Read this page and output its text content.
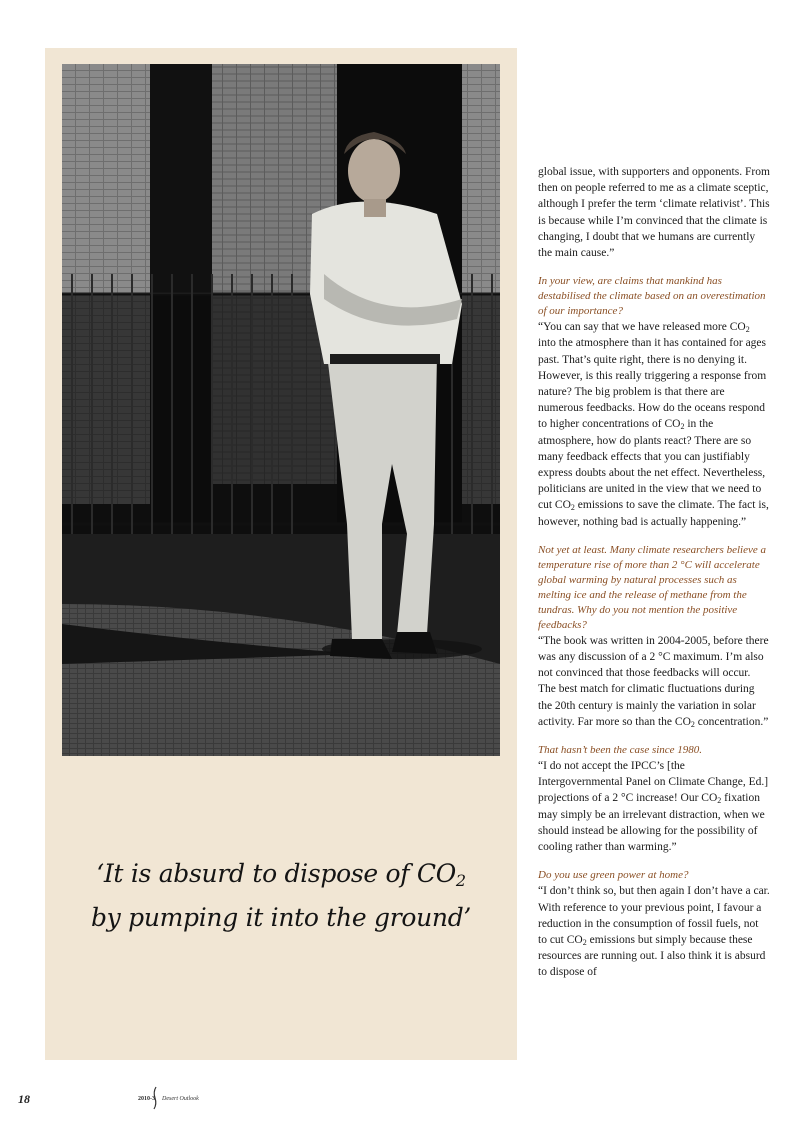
‘It is absurd to dispose of $CO_2$
by pumping it into the ground’

global issue, with supporters and opponents. From then on people referred to me as a climate sceptic, although I prefer the term ‘climate relativist’. This is because while I’m convinced that the climate is changing, I doubt that we humans are currently the main cause.”

In your view, are claims that mankind has destabilised the climate based on an overestimation of our importance?

“You can say that we have released more $CO_2$ into the atmosphere than it has contained for ages past. That’s quite right, there is no denying it. However, is this really triggering a response from nature? The big problem is that there are numerous feedbacks. How do the oceans respond to higher concentrations of $CO_2$ in the atmosphere, how do plants react? There are so many feedback effects that you can justifiably express doubts about the net effect. Nevertheless, politicians are united in the view that we need to cut $CO_2$ emissions to save the climate. The fact is, however, nothing bad is actually happening.”

Not yet at least. Many climate researchers believe a temperature rise of more than 2 °C will accelerate global warming by natural processes such as melting ice and the release of methane from the tundras. Why do you not mention the positive feedbacks?

“The book was written in 2004-2005, before there was any discussion of a 2 °C maximum. I’m also not convinced that those feedbacks will occur. The best match for climatic fluctuations during the 20th century is mainly the variation in solar activity. Far more so than the $CO_2$ concentration.”

That hasn’t been the case since 1980.

“I do not accept the IPCC’s [the Intergovernmental Panel on Climate Change, Ed.] projections of a 2 °C increase! Our $CO_2$ fixation may simply be an irrelevant distraction, when we should instead be allowing for the possibility of cooling rather than warming.”

Do you use green power at home?

“I don’t think so, but then again I don’t have a car. With reference to your previous point, I favour a reduction in the consumption of fossil fuels, not to cut $CO_2$ emissions but simply because these resources are running out. I also think it is absurd to dispose of

18	2010-3 Desert Outlook
